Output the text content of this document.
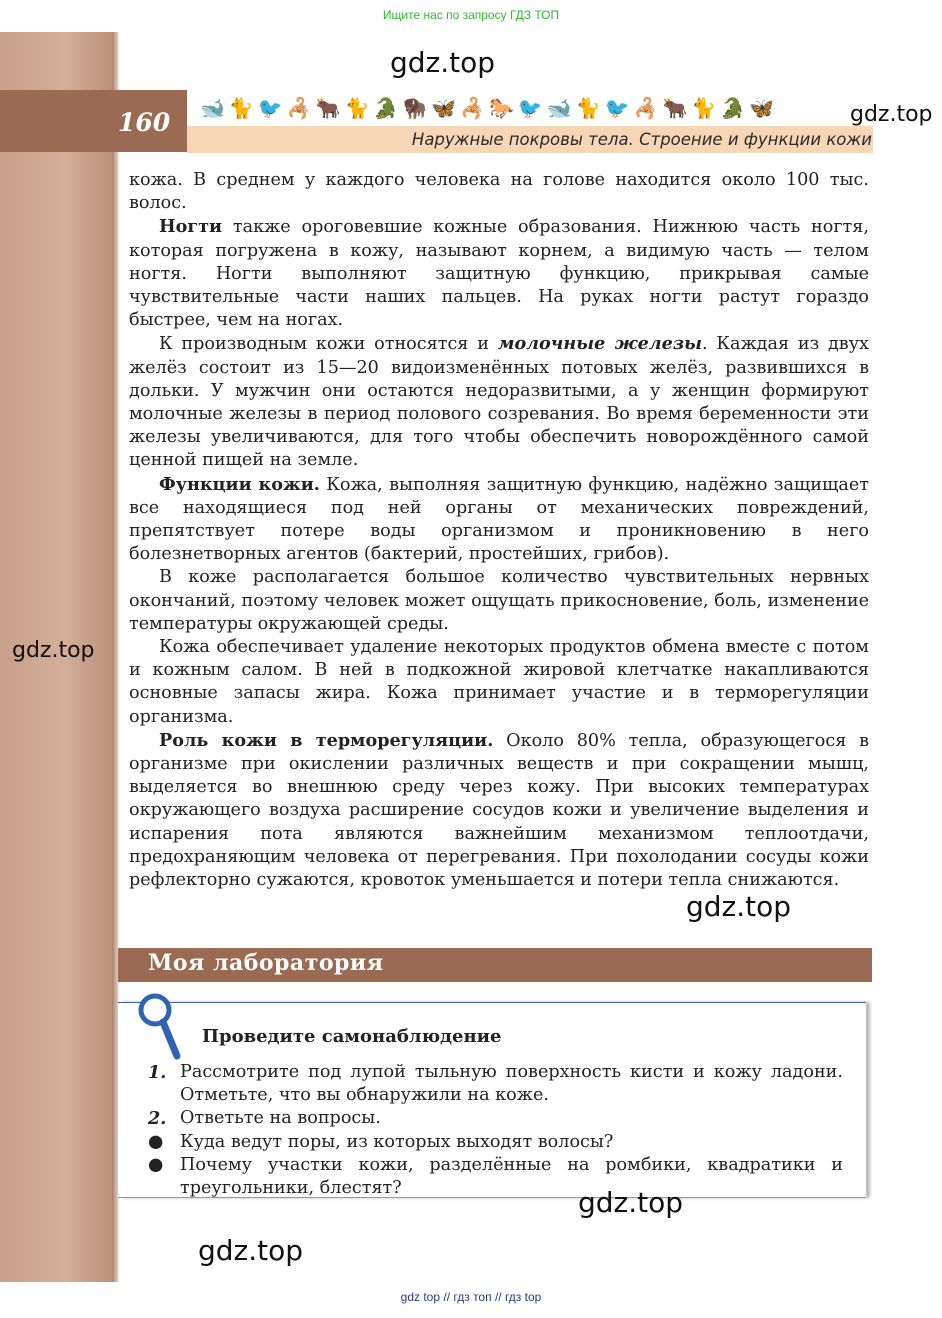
Ищите нас по запросу ГДЗ ТОП
160 🐋🐈🐦🦂🐂🐈🐊🦬🦋🦂🐎🐦🐋🐈🐦🦂🐂🐈🐊🦋
Наружные покровы тела. Строение и функции кожи
gdz.top
gdz.top
gdz.top

кожа. В среднем у каждого человека на голове находится около 100 тыс. волос.

Ногти также ороговевшие кожные образования. Нижнюю часть ногтя, которая погружена в кожу, называют корнем, а видимую часть — телом ногтя. Ногти выполняют защитную функцию, прикрывая самые чувствительные части наших пальцев. На руках ногти растут гораздо быстрее, чем на ногах.

К производным кожи относятся и молочные железы. Каждая из двух желёз состоит из 15—20 видоизменённых потовых желёз, развившихся в дольки. У мужчин они остаются недоразвитыми, а у женщин формируют молочные железы в период полового созревания. Во время беременности эти железы увеличиваются, для того чтобы обеспечить новорождённого самой ценной пищей на земле.

Функции кожи. Кожа, выполняя защитную функцию, надёжно защищает все находящиеся под ней органы от механических повреждений, препятствует потере воды организмом и проникновению в него болезнетворных агентов (бактерий, простейших, грибов).

В коже располагается большое количество чувствительных нервных окончаний, поэтому человек может ощущать прикосновение, боль, изменение температуры окружающей среды.

Кожа обеспечивает удаление некоторых продуктов обмена вместе с потом и кожным салом. В ней в подкожной жировой клетчатке накапливаются основные запасы жира. Кожа принимает участие и в терморегуляции организма.

Роль кожи в терморегуляции. Около 80% тепла, образующегося в организме при окислении различных веществ и при сокращении мышц, выделяется во внешнюю среду через кожу. При высоких температурах окружающего воздуха расширение сосудов кожи и увеличение выделения и испарения пота являются важнейшим механизмом теплоотдачи, предохраняющим человека от перегревания. При похолодании сосуды кожи рефлекторно сужаются, кровоток уменьшается и потери тепла снижаются.

gdz.top
Моя лаборатория
Проведите самонаблюдение
1. Рассмотрите под лупой тыльную поверхность кисти и кожу ладони. Отметьте, что вы обнаружили на коже.
2. Ответьте на вопросы.
● Куда ведут поры, из которых выходят волосы?
● Почему участки кожи, разделённые на ромбики, квадратики и треугольники, блестят?	gdz.top
gdz.top
gdz top // гдз топ // гдз top
